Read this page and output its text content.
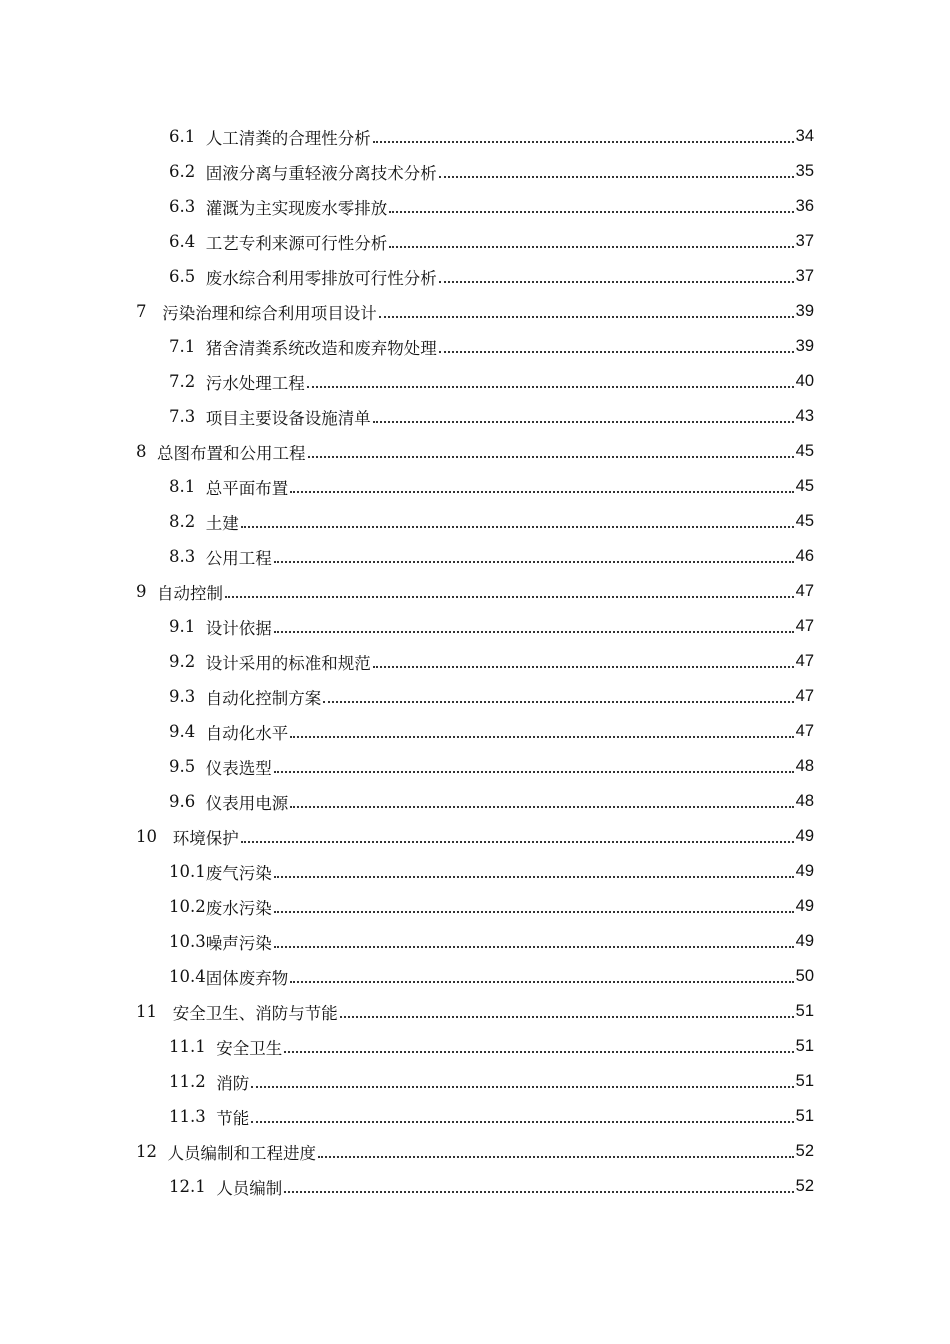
6.1
人工清粪的合理性分析	34
6.2
固液分离与重轻液分离技术分析	35
6.3
灌溉为主实现废水零排放	36
6.4
工艺专利来源可行性分析	37
6.5
废水综合利用零排放可行性分析	37
7
污染治理和综合利用项目设计	39
7.1
猪舍清粪系统改造和废弃物处理	39
7.2
污水处理工程	40
7.3
项目主要设备设施清单	43
8
总图布置和公用工程	45
8.1
总平面布置	45
8.2
土建	45
8.3
公用工程	46
9
自动控制	47
9.1
设计依据	47
9.2
设计采用的标准和规范	47
9.3
自动化控制方案	47
9.4
自动化水平	47
9.5
仪表选型	48
9.6
仪表用电源	48
10
环境保护	49
10.1 废气污染	49
10.2 废水污染	49
10.3 噪声污染	49
10.4 固体废弃物	50
11
安全卫生、消防与节能	51
11.1
安全卫生	51
11.2
消防	51
11.3
节能	51
12
人员编制和工程进度	52
12.1
人员编制	52
